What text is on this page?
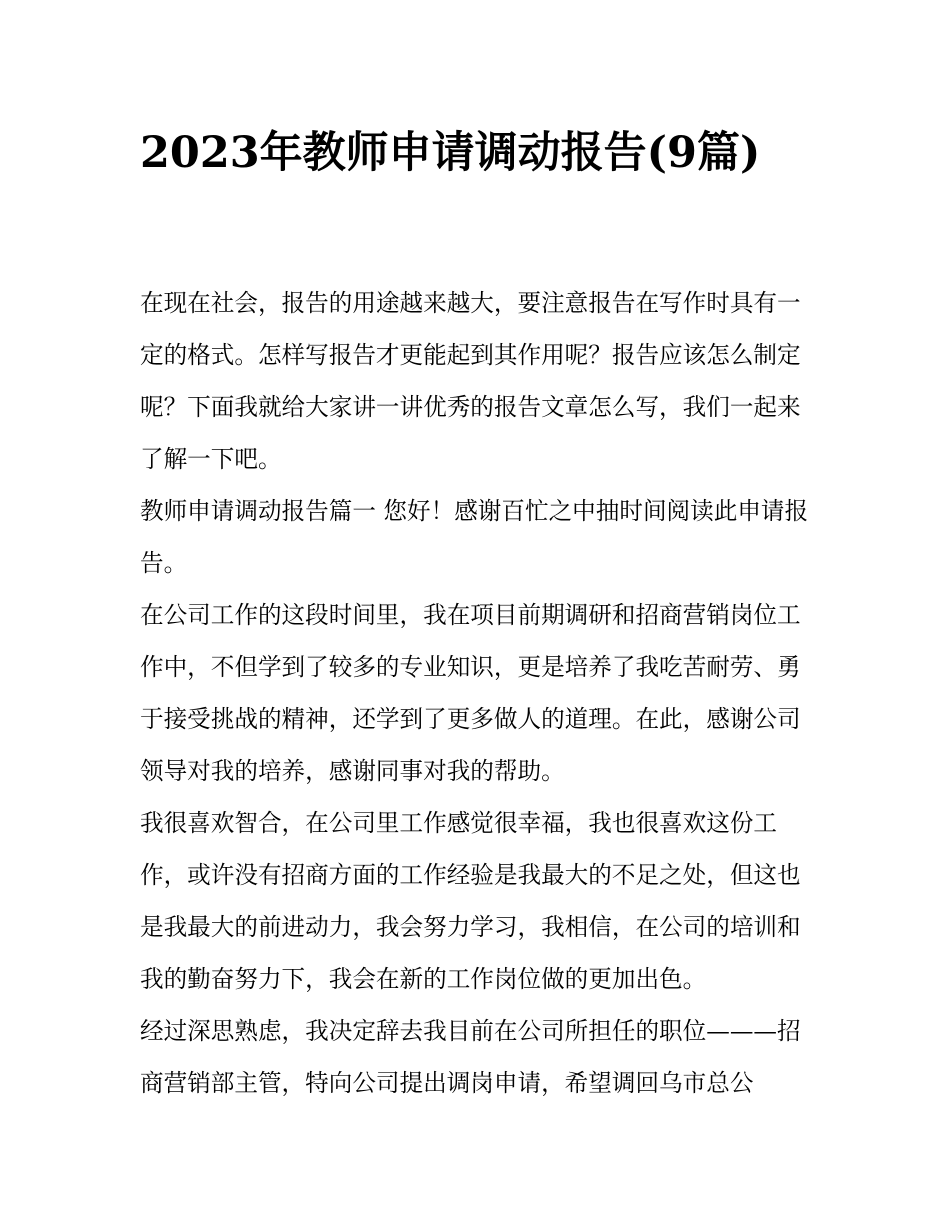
2023年教师申请调动报告(9篇)

在现在社会，报告的用途越来越大，要注意报告在写作时具有一定的格式。怎样写报告才更能起到其作用呢？报告应该怎么制定呢？下面我就给大家讲一讲优秀的报告文章怎么写，我们一起来了解一下吧。

教师申请调动报告篇一 您好！感谢百忙之中抽时间阅读此申请报告。

在公司工作的这段时间里，我在项目前期调研和招商营销岗位工作中，不但学到了较多的专业知识，更是培养了我吃苦耐劳、勇于接受挑战的精神，还学到了更多做人的道理。在此，感谢公司领导对我的培养，感谢同事对我的帮助。

我很喜欢智合，在公司里工作感觉很幸福，我也很喜欢这份工作，或许没有招商方面的工作经验是我最大的不足之处，但这也是我最大的前进动力，我会努力学习，我相信，在公司的培训和我的勤奋努力下，我会在新的工作岗位做的更加出色。

经过深思熟虑，我决定辞去我目前在公司所担任的职位———招商营销部主管，特向公司提出调岗申请，希望调回乌市总公
